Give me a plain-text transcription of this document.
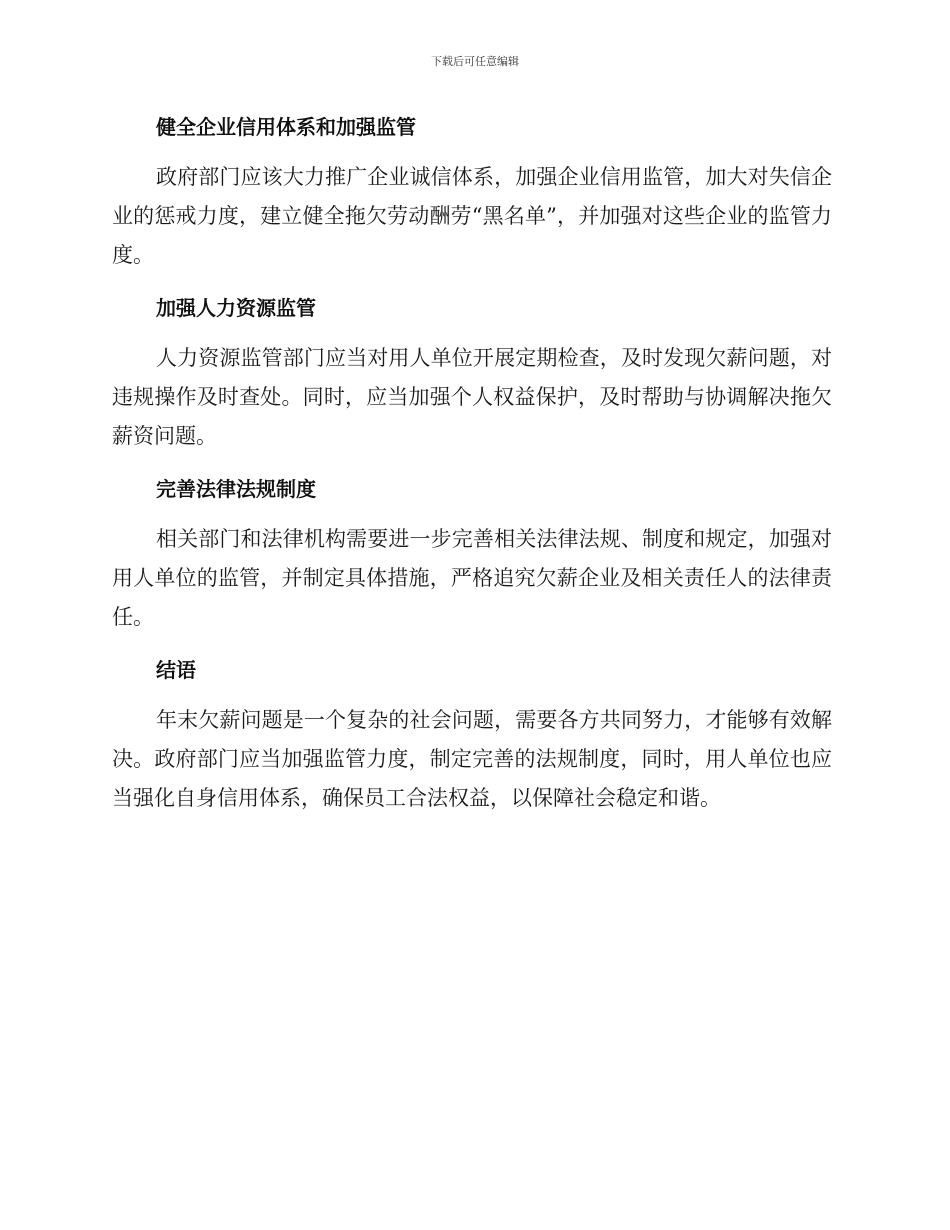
下载后可任意编辑
健全企业信用体系和加强监管

政府部门应该大力推广企业诚信体系，加强企业信用监管，加大对失信企业的惩戒力度，建立健全拖欠劳动酬劳“黑名单”，并加强对这些企业的监管力度。

加强人力资源监管

人力资源监管部门应当对用人单位开展定期检查，及时发现欠薪问题，对违规操作及时查处。同时，应当加强个人权益保护，及时帮助与协调解决拖欠薪资问题。

完善法律法规制度

相关部门和法律机构需要进一步完善相关法律法规、制度和规定，加强对用人单位的监管，并制定具体措施，严格追究欠薪企业及相关责任人的法律责任。

结语

年末欠薪问题是一个复杂的社会问题，需要各方共同努力，才能够有效解决。政府部门应当加强监管力度，制定完善的法规制度，同时，用人单位也应当强化自身信用体系，确保员工合法权益，以保障社会稳定和谐。
